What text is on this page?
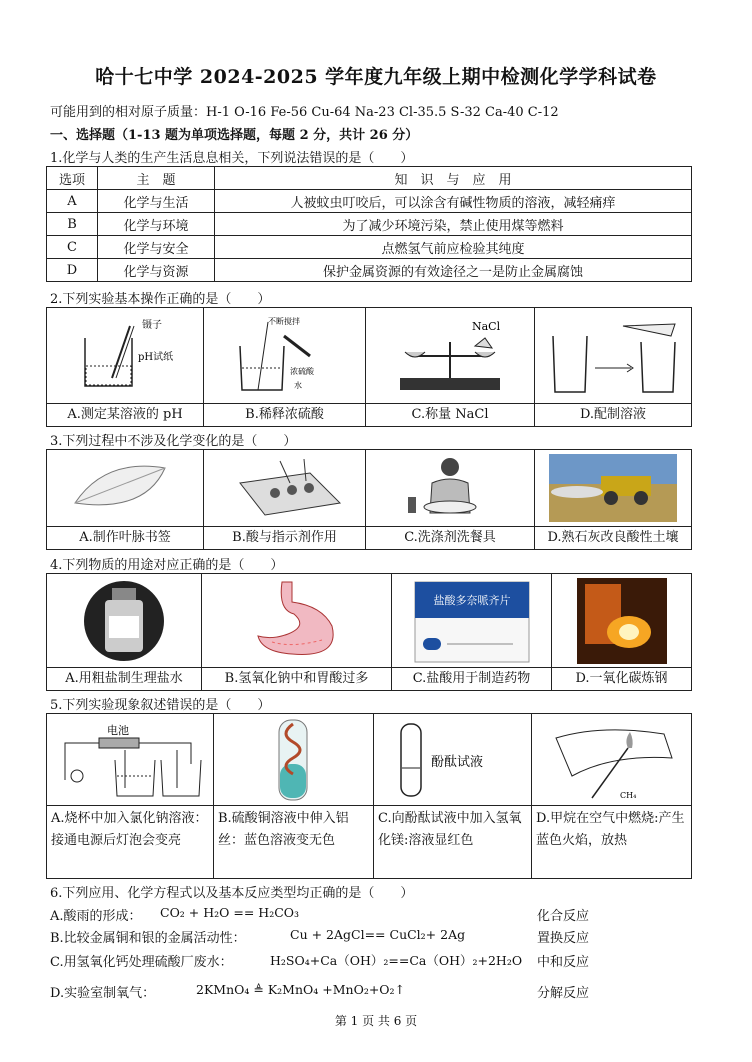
哈十七中学 2024-2025 学年度九年级上期中检测化学学科试卷
可能用到的相对原子质量：H-1 O-16 Fe-56 Cu-64 Na-23 Cl-35.5 S-32 Ca-40 C-12
一、选择题（1-13 题为单项选择题，每题 2 分，共计 26 分）
1.化学与人类的生产生活息息相关，下列说法错误的是（　　）
选项	主　题	知　识　与　应　用
A	化学与生活	人被蚊虫叮咬后，可以涂含有碱性物质的溶液，减轻痛痒
B	化学与环境	为了减少环境污染，禁止使用煤等燃料
C	化学与安全	点燃氢气前应检验其纯度
D	化学与资源	保护金属资源的有效途径之一是防止金属腐蚀
2.下列实验基本操作正确的是（　　）
镊子
pH试纸
A.测定某溶液的 pH
不断搅拌
浓硫酸
水
B.稀释浓硫酸
NaCl
C.称量 NaCl	D.配制溶液
3.下列过程中不涉及化学变化的是（　　）
A.制作叶脉书签	B.酸与指示剂作用	C.洗涤剂洗餐具	D.熟石灰改良酸性土壤
4.下列物质的用途对应正确的是（　　）
A.用粗盐制生理盐水	B.氢氧化钠中和胃酸过多
盐酸多奈哌齐片
C.盐酸用于制造药物	D.一氧化碳炼钢
5.下列实验现象叙述错误的是（　　）
电池
A.烧杯中加入氯化钠溶液：接通电源后灯泡会变亮
B.硫酸铜溶液中伸入铝丝：蓝色溶液变无色
酚酞试液
C.向酚酞试液中加入氢氧化镁:溶液显红色
CH₄
D.甲烷在空气中燃烧:产生蓝色火焰，放热
6.下列应用、化学方程式以及基本反应类型均正确的是（　　）
A.酸雨的形成： CO₂ + H₂O == H₂CO₃	化合反应
B.比较金属铜和银的金属活动性：	Cu + 2AgCl== CuCl₂+ 2Ag	置换反应
C.用氢氧化钙处理硫酸厂废水：	H₂SO₄+Ca（OH）₂==Ca（OH）₂+2H₂O 中和反应
D.实验室制氧气：	2KMnO₄ ≜ K₂MnO₄ +MnO₂+O₂↑	分解反应
第 1 页 共 6 页
